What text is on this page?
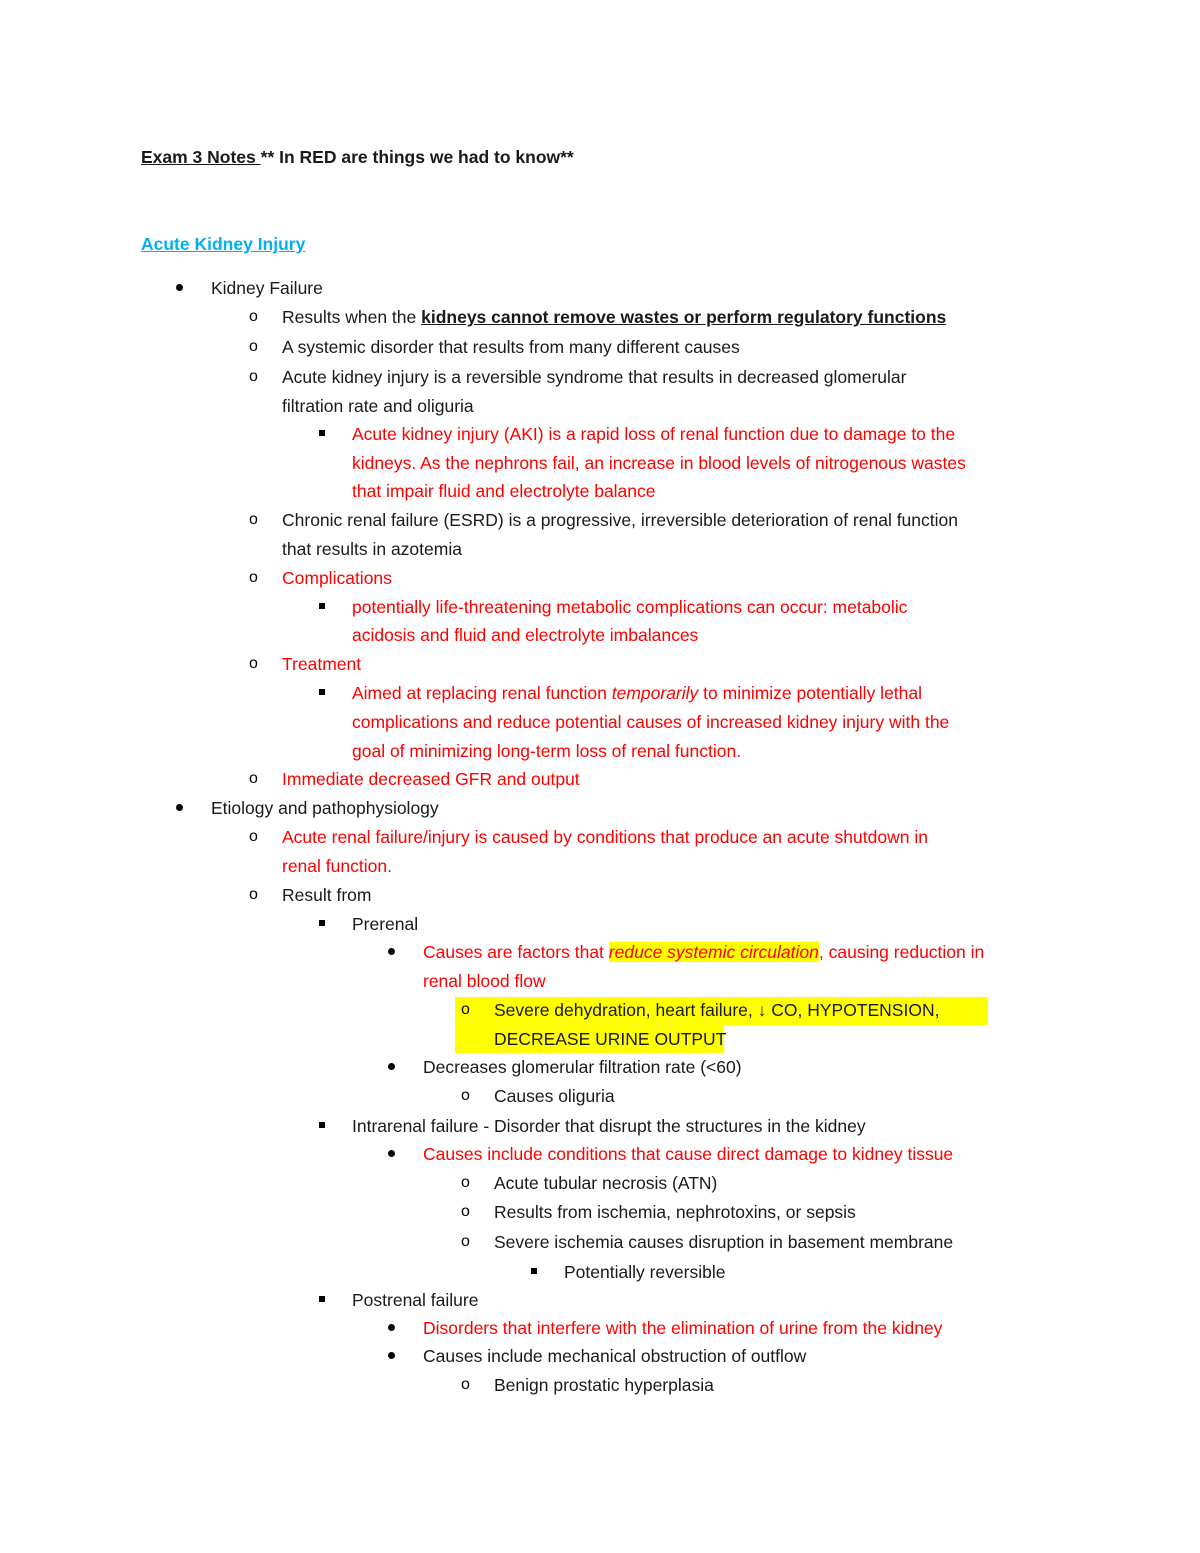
Exam 3 Notes ** In RED are things we had to know**
Acute Kidney Injury
Kidney Failure
o Results when the kidneys cannot remove wastes or perform regulatory functions
o A systemic disorder that results from many different causes
o Acute kidney injury is a reversible syndrome that results in decreased glomerular
filtration rate and oliguria
Acute kidney injury (AKI) is a rapid loss of renal function due to damage to the
kidneys. As the nephrons fail, an increase in blood levels of nitrogenous wastes
that impair fluid and electrolyte balance
o Chronic renal failure (ESRD) is a progressive, irreversible deterioration of renal function
that results in azotemia
o Complications
potentially life-threatening metabolic complications can occur: metabolic
acidosis and fluid and electrolyte imbalances
o Treatment
Aimed at replacing renal function temporarily to minimize potentially lethal
complications and reduce potential causes of increased kidney injury with the
goal of minimizing long-term loss of renal function.
o Immediate decreased GFR and output
Etiology and pathophysiology
o Acute renal failure/injury is caused by conditions that produce an acute shutdown in
renal function.
o Result from
Prerenal
Causes are factors that reduce systemic circulation, causing reduction in
renal blood flow
o Severe dehydration, heart failure, ↓ CO, HYPOTENSION,
DECREASE URINE OUTPUT
Decreases glomerular filtration rate (<60)
o Causes oliguria
Intrarenal failure - Disorder that disrupt the structures in the kidney
Causes include conditions that cause direct damage to kidney tissue
o Acute tubular necrosis (ATN)
o Results from ischemia, nephrotoxins, or sepsis
o Severe ischemia causes disruption in basement membrane
Potentially reversible
Postrenal failure
Disorders that interfere with the elimination of urine from the kidney
Causes include mechanical obstruction of outflow
o Benign prostatic hyperplasia
